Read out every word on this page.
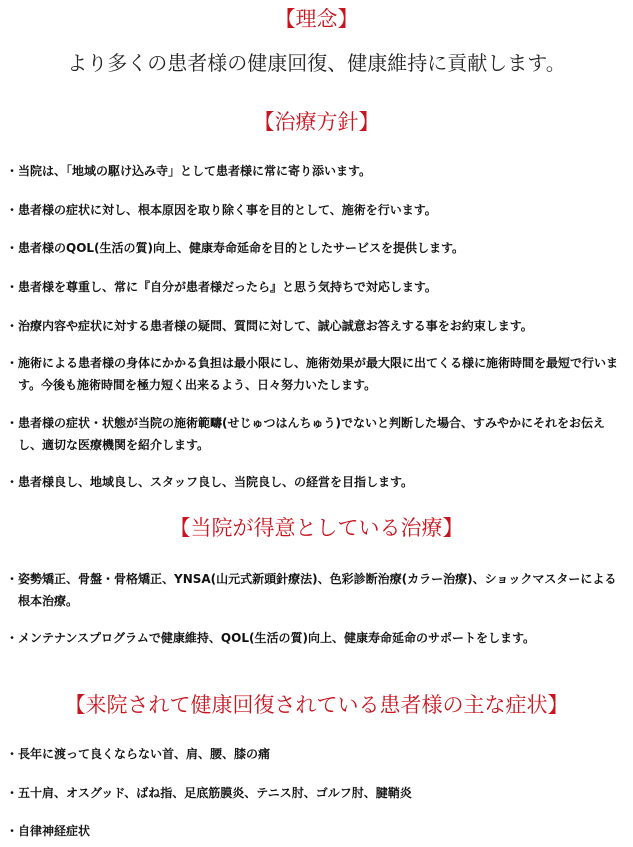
【理念】

より多くの患者様の健康回復、健康維持に貢献します。

【治療方針】
・ 当院は、「地域の駆け込み寺」として患者様に常に寄り添います。
・ 患者様の症状に対し、根本原因を取り除く事を目的として、施術を行います。
・ 患者様のQOL(生活の質)向上、健康寿命延命を目的としたサービスを提供します。
・ 患者様を尊重し、常に『自分が患者様だったら』と思う気持ちで対応します。
・ 治療内容や症状に対する患者様の疑問、質問に対して、誠心誠意お答えする事をお約束します。
・ 施術による患者様の身体にかかる負担は最小限にし、施術効果が最大限に出てくる様に施術時間を最短で行います。今後も施術時間を極力短く出来るよう、日々努力いたします。
・ 患者様の症状・状態が当院の施術範疇(せじゅつはんちゅう)でないと判断した場合、すみやかにそれをお伝えし、適切な医療機関を紹介します。
・ 患者様良し、地域良し、スタッフ良し、当院良し、の経営を目指します。
【当院が得意としている治療】
・ 姿勢矯正、骨盤・骨格矯正、YNSA(山元式新頭針療法)、色彩診断治療(カラー治療)、ショックマスターによる根本治療。
・ メンテナンスプログラムで健康維持、QOL(生活の質)向上、健康寿命延命のサポートをします。
【来院されて健康回復されている患者様の主な症状】
・ 長年に渡って良くならない首、肩、腰、膝の痛
・ 五十肩、オスグッド、ばね指、足底筋膜炎、テニス肘、ゴルフ肘、腱鞘炎
・ 自律神経症状
